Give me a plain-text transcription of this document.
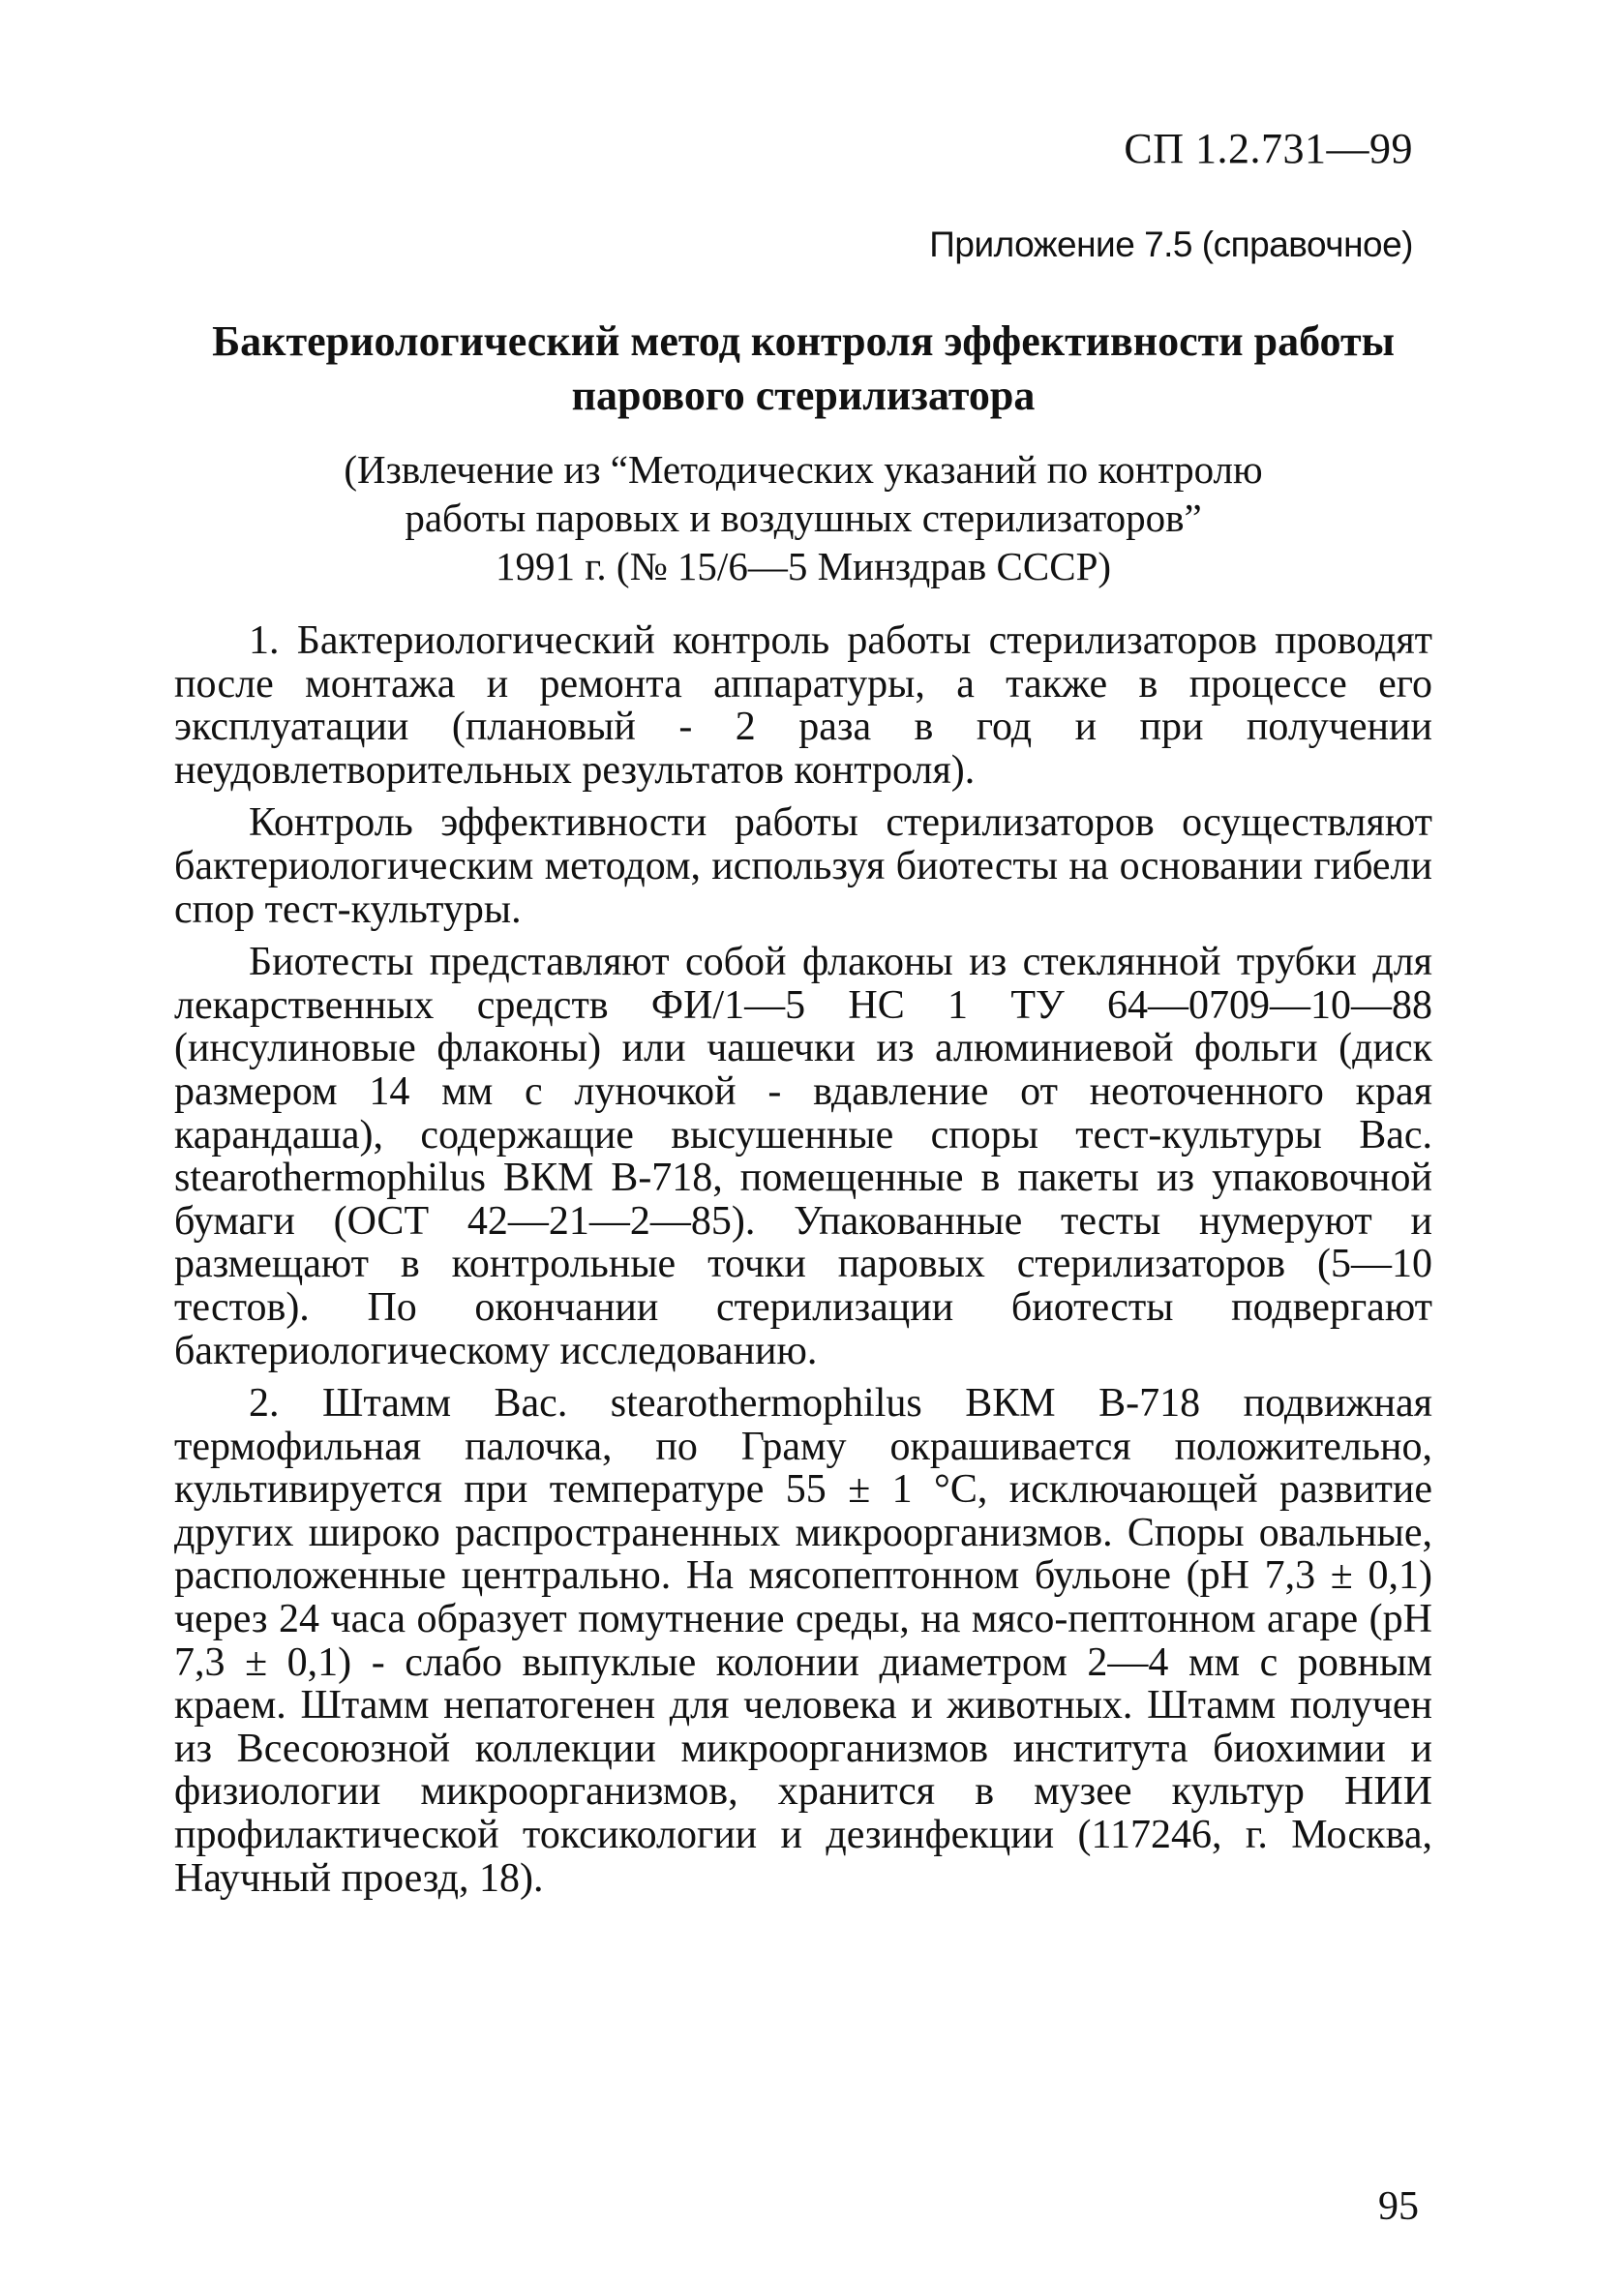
СП 1.2.731—99
Приложение 7.5 (справочное)
Бактериологический метод контроля эффективности работы
парового стерилизатора
(Извлечение из “Методических указаний по контролю
работы паровых и воздушных стерилизаторов”
1991 г. (№ 15/6—5 Минздрав СССР)

1. Бактериологический контроль работы стерилизаторов проводят после монтажа и ремонта аппаратуры, а также в процессе его эксплуатации (плановый - 2 раза в год и при получении неудовлетворительных результатов контроля).

Контроль эффективности работы стерилизаторов осуществляют бактериологическим методом, используя биотесты на основании гибели спор тест-культуры.

Биотесты представляют собой флаконы из стеклянной трубки для лекарственных средств ФИ/1—5 НС 1 ТУ 64—0709—10—88 (инсулиновые флаконы) или чашечки из алюминиевой фольги (диск размером 14 мм с луночкой - вдавление от неоточенного края карандаша), содержащие высушенные споры тест-культуры Bac. stearothermophilus ВКМ В-718, помещенные в пакеты из упаковочной бумаги (ОСТ 42—21—2—85). Упакованные тесты нумеруют и размещают в контрольные точки паровых стерилизаторов (5—10 тестов). По окончании стерилизации биотесты подвергают бактериологическому исследованию.

2. Штамм Bac. stearothermophilus ВКМ В-718 подвижная термофильная палочка, по Граму окрашивается положительно, культивируется при температуре 55 ± 1 °С, исключающей развитие других широко распространенных микроорганизмов. Споры овальные, расположенные центрально. На мясопептонном бульоне (pH 7,3 ± 0,1) через 24 часа образует помутнение среды, на мясо-пептонном агаре (pH 7,3 ± 0,1) - слабо выпуклые колонии диаметром 2—4 мм с ровным краем. Штамм непатогенен для человека и животных. Штамм получен из Всесоюзной коллекции микроорганизмов института биохимии и физиологии микроорганизмов, хранится в музее культур НИИ профилактической токсикологии и дезинфекции (117246, г. Москва, Научный проезд, 18).

95
